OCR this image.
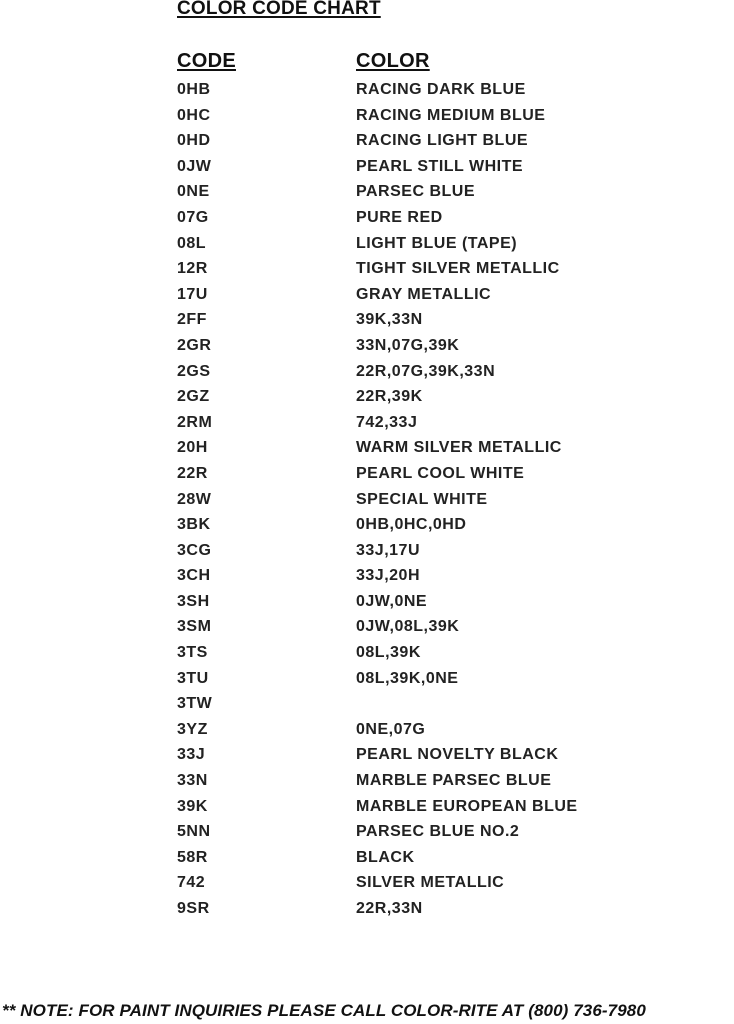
COLOR CODE CHART
CODE	COLOR
0HB	RACING DARK BLUE
0HC	RACING MEDIUM BLUE
0HD	RACING LIGHT BLUE
0JW	PEARL STILL WHITE
0NE	PARSEC BLUE
07G	PURE RED
08L	LIGHT BLUE (TAPE)
12R	TIGHT SILVER METALLIC
17U	GRAY METALLIC
2FF	39K,33N
2GR	33N,07G,39K
2GS	22R,07G,39K,33N
2GZ	22R,39K
2RM	742,33J
20H	WARM SILVER METALLIC
22R	PEARL COOL WHITE
28W	SPECIAL WHITE
3BK	0HB,0HC,0HD
3CG	33J,17U
3CH	33J,20H
3SH	0JW,0NE
3SM	0JW,08L,39K
3TS	08L,39K
3TU	08L,39K,0NE
3TW
3YZ	0NE,07G
33J	PEARL NOVELTY BLACK
33N	MARBLE PARSEC BLUE
39K	MARBLE EUROPEAN BLUE
5NN	PARSEC BLUE NO.2
58R	BLACK
742	SILVER METALLIC
9SR	22R,33N
** NOTE: FOR PAINT INQUIRIES PLEASE CALL COLOR-RITE AT (800) 736-7980
